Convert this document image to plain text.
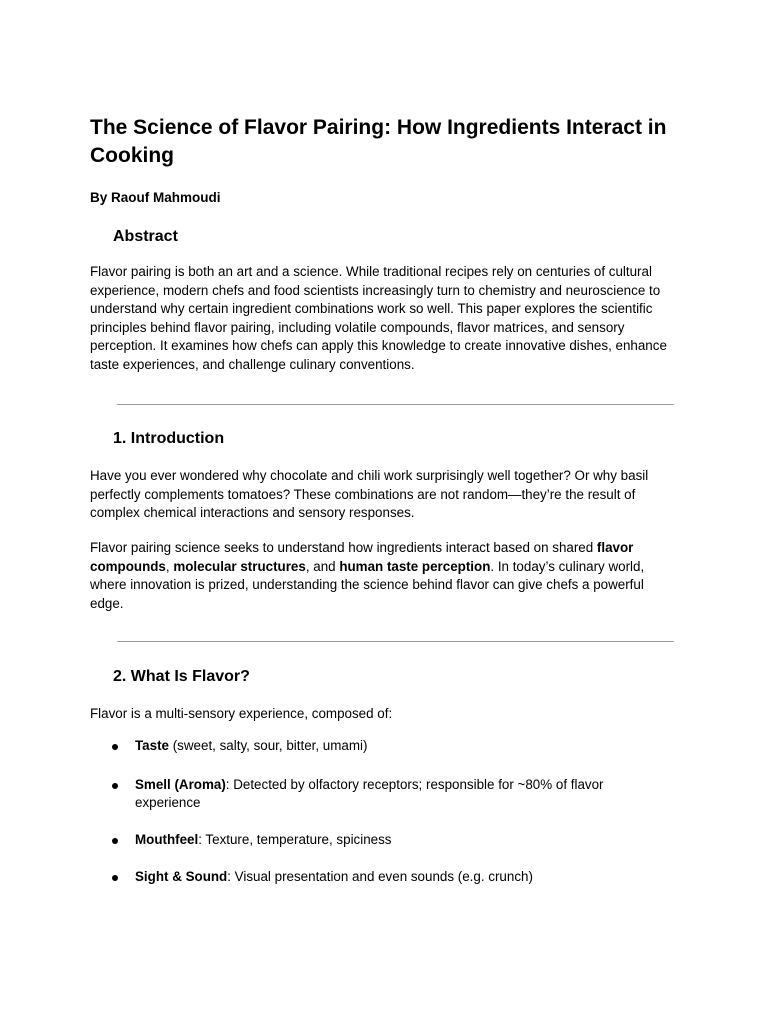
The Science of Flavor Pairing: How Ingredients Interact in Cooking

By Raouf Mahmoudi

Abstract

Flavor pairing is both an art and a science. While traditional recipes rely on centuries of cultural experience, modern chefs and food scientists increasingly turn to chemistry and neuroscience to understand why certain ingredient combinations work so well. This paper explores the scientific principles behind flavor pairing, including volatile compounds, flavor matrices, and sensory perception. It examines how chefs can apply this knowledge to create innovative dishes, enhance taste experiences, and challenge culinary conventions.

1. Introduction

Have you ever wondered why chocolate and chili work surprisingly well together? Or why basil perfectly complements tomatoes? These combinations are not random—they’re the result of complex chemical interactions and sensory responses.

Flavor pairing science seeks to understand how ingredients interact based on shared flavor compounds, molecular structures, and human taste perception. In today’s culinary world, where innovation is prized, understanding the science behind flavor can give chefs a powerful edge.

2. What Is Flavor?

Flavor is a multi-sensory experience, composed of:

Taste (sweet, salty, sour, bitter, umami)
Smell (Aroma): Detected by olfactory receptors; responsible for ~80% of flavor experience
Mouthfeel: Texture, temperature, spiciness
Sight & Sound: Visual presentation and even sounds (e.g. crunch)
